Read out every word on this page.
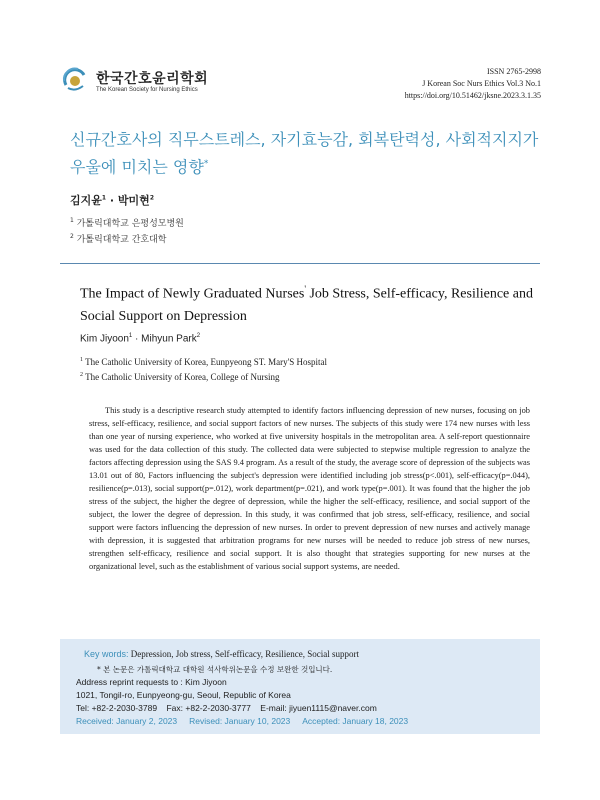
한국간호윤리학회
The Korean Society for Nursing Ethics
ISSN 2765-2998
J Korean Soc Nurs Ethics Vol.3 No.1
https://doi.org/10.51462/jksne.2023.3.1.35
신규간호사의 직무스트레스, 자기효능감, 회복탄력성, 사회적지지가
우울에 미치는 영향*
김지윤$^1$ · 박미현$^2$
$^1$ 가톨릭대학교 은평성모병원
$^2$ 가톨릭대학교 간호대학
The Impact of Newly Graduated Nurses' Job Stress, Self-efficacy, Resilience and Social Support on Depression
Kim Jiyoon$^1$ · Mihyun Park$^2$
$^1$ The Catholic University of Korea, Eunpyeong ST. Mary'S Hospital
$^2$ The Catholic University of Korea, College of Nursing

This study is a descriptive research study attempted to identify factors influencing depression of new nurses, focusing on job stress, self-efficacy, resilience, and social support factors of new nurses. The subjects of this study were 174 new nurses with less than one year of nursing experience, who worked at five university hospitals in the metropolitan area. A self-report questionnaire was used for the data collection of this study. The collected data were subjected to stepwise multiple regression to analyze the factors affecting depression using the SAS 9.4 program. As a result of the study, the average score of depression of the subjects was 13.01 out of 80, Factors influencing the subject's depression were identified including job stress(p<.001), self-efficacy(p=.044), resilience(p=.013), social support(p=.012), work department(p=.021), and work type(p=.001). It was found that the higher the job stress of the subject, the higher the degree of depression, while the higher the self-efficacy, resilience, and social support of the subject, the lower the degree of depression. In this study, it was confirmed that job stress, self-efficacy, resilience, and social support were factors influencing the depression of new nurses. In order to prevent depression of new nurses and actively manage with depression, it is suggested that arbitration programs for new nurses will be needed to reduce job stress of new nurses, strengthen self-efficacy, resilience and social support. It is also thought that strategies supporting for new nurses at the organizational level, such as the establishment of various social support systems, are needed.

Key words: Depression, Job stress, Self-efficacy, Resilience, Social support
* 본 논문은 가톨릭대학교 대학원 석사학위논문을 수정 보완한 것입니다.
Address reprint requests to : Kim Jiyoon
1021, Tongil-ro, Eunpyeong-gu, Seoul, Republic of Korea
Tel: +82-2-2030-3789    Fax: +82-2-2030-3777    E-mail: jiyuen1115@naver.com
Received: January 2, 2023 Revised: January 10, 2023 Accepted: January 18, 2023
